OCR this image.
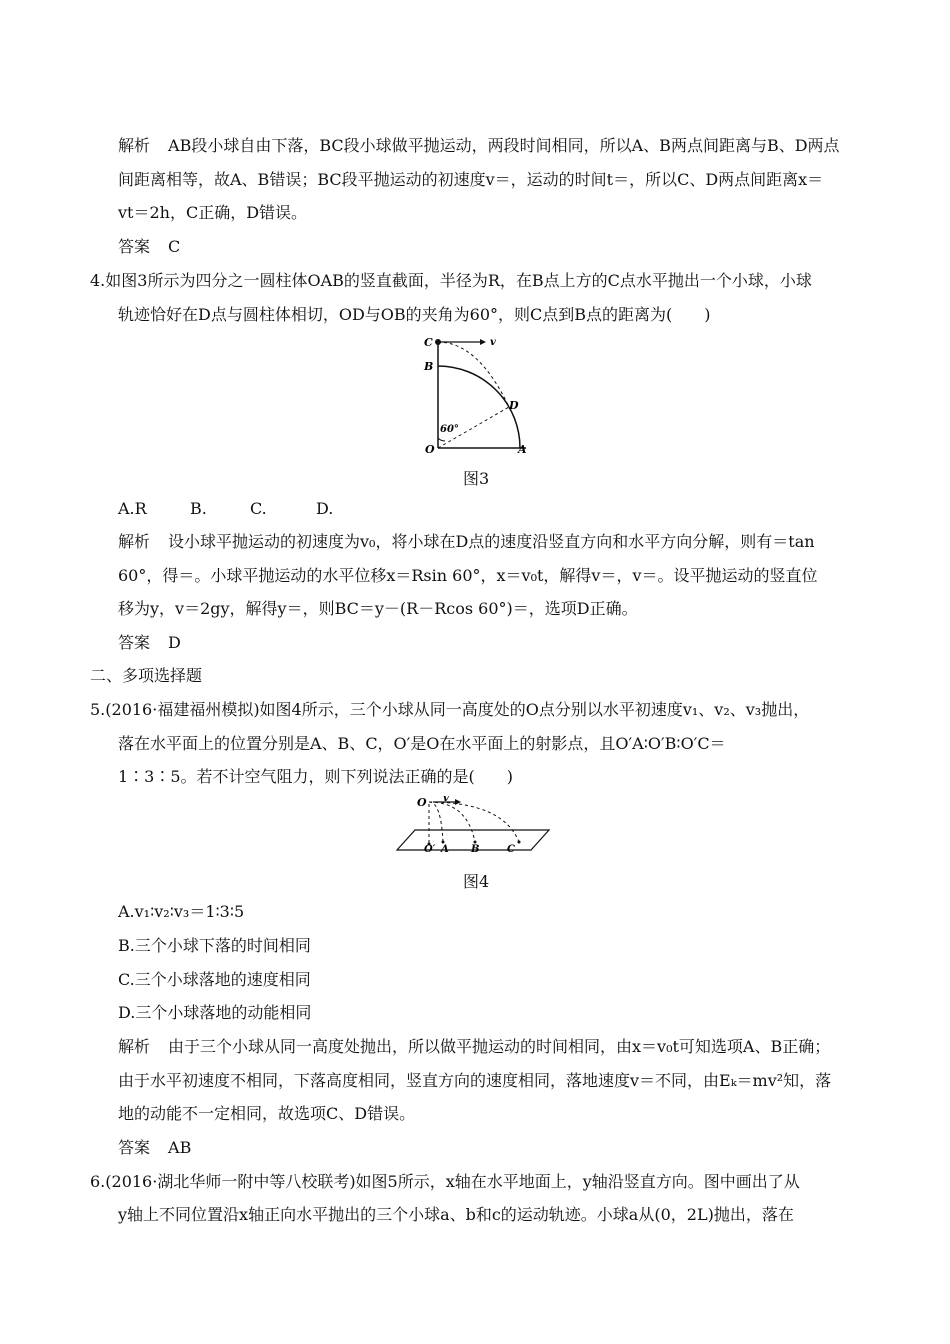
解析 AB段小球自由下落，BC段小球做平抛运动，两段时间相同，所以A、B两点间距离与B、D两点
间距离相等，故A、B错误；BC段平抛运动的初速度v＝，运动的时间t＝，所以C、D两点间距离x＝
vt＝2h，C正确，D错误。
答案 C
4.如图3所示为四分之一圆柱体OAB的竖直截面，半径为R，在B点上方的C点水平抛出一个小球，小球
轨迹恰好在D点与圆柱体相切，OD与OB的夹角为60°，则C点到B点的距离为(　　)
C	v
B
D
60°
O	A
图3
A.R	B.	C.	D.
解析 设小球平抛运动的初速度为v₀，将小球在D点的速度沿竖直方向和水平方向分解，则有＝tan
60°，得＝。小球平抛运动的水平位移x＝Rsin 60°，x＝v₀t，解得v＝，v＝。设平抛运动的竖直位
移为y，v＝2gy，解得y＝，则BC＝y－(R－Rcos 60°)＝，选项D正确。
答案 D
二、多项选择题
5.(2016·福建福州模拟)如图4所示，三个小球从同一高度处的O点分别以水平初速度v₁、v₂、v₃抛出，
落在水平面上的位置分别是A、B、C，O′是O在水平面上的射影点，且O′A∶O′B∶O′C＝
1∶3∶5。若不计空气阻力，则下列说法正确的是(　　)
O v
O′ A B	C
图4
A.v₁∶v₂∶v₃＝1∶3∶5
B.三个小球下落的时间相同
C.三个小球落地的速度相同
D.三个小球落地的动能相同
解析 由于三个小球从同一高度处抛出，所以做平抛运动的时间相同，由x＝v₀t可知选项A、B正确；
由于水平初速度不相同，下落高度相同，竖直方向的速度相同，落地速度v＝不同，由Eₖ＝mv²知，落
地的动能不一定相同，故选项C、D错误。
答案 AB
6.(2016·湖北华师一附中等八校联考)如图5所示，x轴在水平地面上，y轴沿竖直方向。图中画出了从
y轴上不同位置沿x轴正向水平抛出的三个小球a、b和c的运动轨迹。小球a从(0，2L)抛出，落在
